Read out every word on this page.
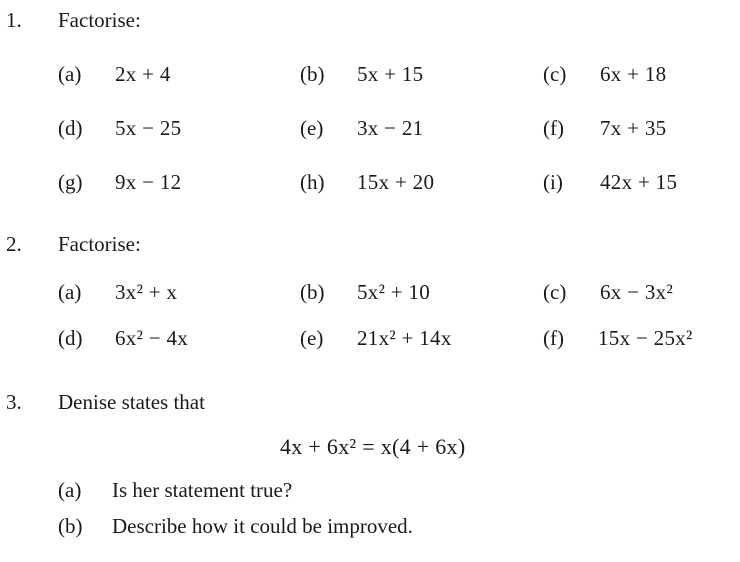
1. Factorise:
(a) 2x + 4	(b) 5x + 15	(c) 6x + 18
(d) 5x − 25	(e) 3x − 21	(f) 7x + 35
(g) 9x − 12	(h) 15x + 20	(i) 42x + 15
2. Factorise:
(a) 3x² + x	(b) 5x² + 10	(c) 6x − 3x²
(d) 6x² − 4x	(e) 21x² + 14x	(f) 15x − 25x²
3. Denise states that
4x + 6x² = x(4 + 6x)
(a) Is her statement true?
(b) Describe how it could be improved.
